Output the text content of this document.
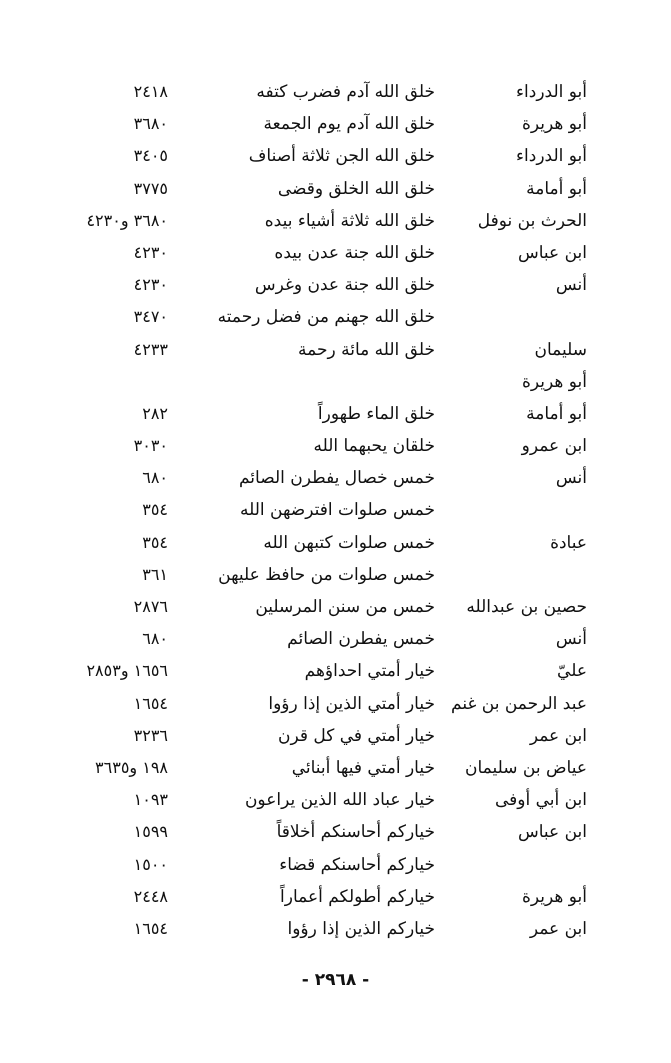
أبو الدرداء
خلق الله آدم فضرب كتفه
٢٤١٨
أبو هريرة
خلق الله آدم يوم الجمعة
٣٦٨٠
أبو الدرداء
خلق الله الجن ثلاثة أصناف
٣٤٠٥
أبو أمامة
خلق الله الخلق وقضى
٣٧٧٥
الحرث بن نوفل
خلق الله ثلاثة أشياء بيده
٣٦٨٠ و٤٢٣٠
ابن عباس
خلق الله جنة عدن بيده
٤٢٣٠
أنس
خلق الله جنة عدن وغرس
٤٢٣٠
خلق الله جهنم من فضل رحمته
٣٤٧٠
سليمان
خلق الله مائة رحمة
٤٢٣٣
أبو هريرة
أبو أمامة
خلق الماء طهوراً
٢٨٢
ابن عمرو
خلقان يحبهما الله
٣٠٣٠
أنس
خمس خصال يفطرن الصائم
٦٨٠
خمس صلوات افترضهن الله
٣٥٤
عبادة
خمس صلوات كتبهن الله
٣٥٤
خمس صلوات من حافظ عليهن
٣٦١
حصين بن عبدالله
خمس من سنن المرسلين
٢٨٧٦
أنس
خمس يفطرن الصائم
٦٨٠
عليّ
خيار أمتي احداؤهم
١٦٥٦ و٢٨٥٣
عبد الرحمن بن غنم
خيار أمتي الذين إذا رؤوا
١٦٥٤
ابن عمر
خيار أمتي في كل قرن
٣٢٣٦
عياض بن سليمان
خيار أمتي فيها أبنائي
١٩٨ و٣٦٣٥
ابن أبي أوفى
خيار عباد الله الذين يراعون
١٠٩٣
ابن عباس
خياركم أحاسنكم أخلاقاً
١٥٩٩
خياركم أحاسنكم قضاء
١٥٠٠
أبو هريرة
خياركم أطولكم أعماراً
٢٤٤٨
ابن عمر
خياركم الذين إذا رؤوا
١٦٥٤
- ٢٩٦٨ -
